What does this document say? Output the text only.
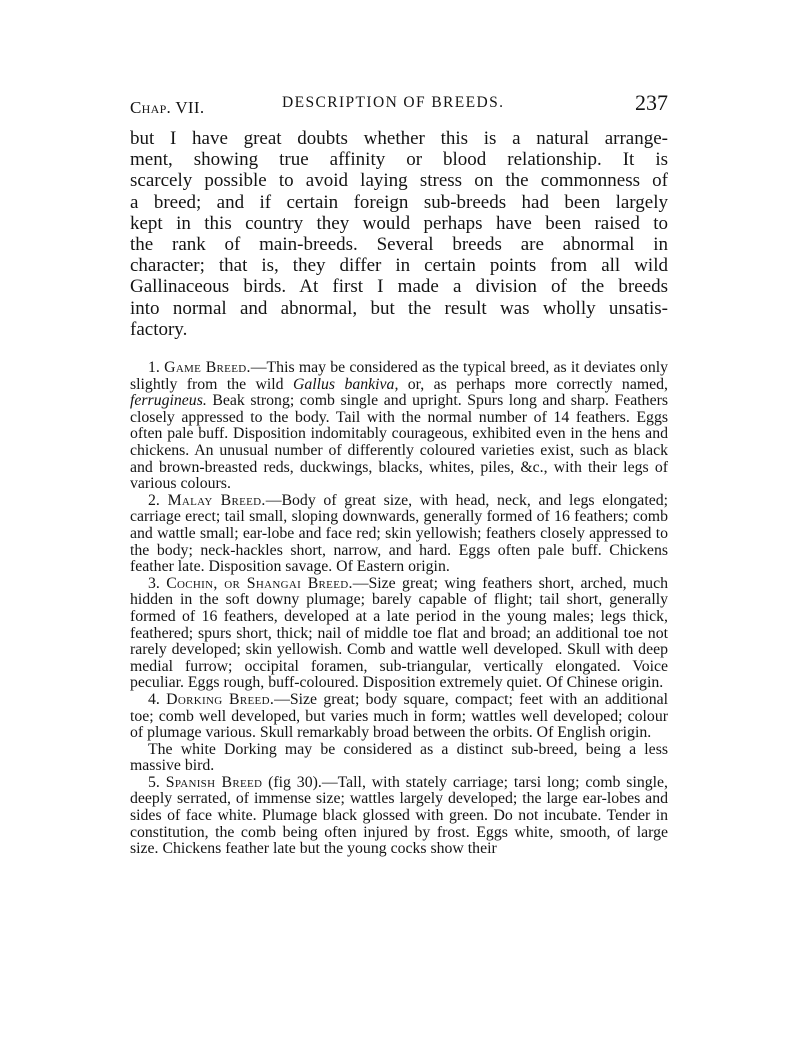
Chap. VII.	DESCRIPTION OF BREEDS.	237
but I have great doubts whether this is a natural arrange-
ment, showing true affinity or blood relationship. It is
scarcely possible to avoid laying stress on the commonness of
a breed; and if certain foreign sub-breeds had been largely
kept in this country they would perhaps have been raised to
the rank of main-breeds. Several breeds are abnormal in
character; that is, they differ in certain points from all wild
Gallinaceous birds. At first I made a division of the breeds
into normal and abnormal, but the result was wholly unsatis-
factory.

1. Game Breed.—This may be considered as the typical breed, as it deviates only slightly from the wild Gallus bankiva, or, as perhaps more correctly named, ferrugineus. Beak strong; comb single and upright. Spurs long and sharp. Feathers closely appressed to the body. Tail with the normal number of 14 feathers. Eggs often pale buff. Disposition indomitably courageous, exhibited even in the hens and chickens. An unusual number of differently coloured varieties exist, such as black and brown-breasted reds, duckwings, blacks, whites, piles, &c., with their legs of various colours.

2. Malay Breed.—Body of great size, with head, neck, and legs elongated; carriage erect; tail small, sloping downwards, generally formed of 16 feathers; comb and wattle small; ear-lobe and face red; skin yellowish; feathers closely appressed to the body; neck-hackles short, narrow, and hard. Eggs often pale buff. Chickens feather late. Disposition savage. Of Eastern origin.

3. Cochin, or Shangai Breed.—Size great; wing feathers short, arched, much hidden in the soft downy plumage; barely capable of flight; tail short, generally formed of 16 feathers, developed at a late period in the young males; legs thick, feathered; spurs short, thick; nail of middle toe flat and broad; an additional toe not rarely developed; skin yellowish. Comb and wattle well developed. Skull with deep medial furrow; occipital foramen, sub-triangular, vertically elongated. Voice peculiar. Eggs rough, buff-coloured. Disposition extremely quiet. Of Chinese origin.

4. Dorking Breed.—Size great; body square, compact; feet with an additional toe; comb well developed, but varies much in form; wattles well developed; colour of plumage various. Skull remarkably broad between the orbits. Of English origin.

The white Dorking may be considered as a distinct sub-breed, being a less massive bird.

5. Spanish Breed (fig 30).—Tall, with stately carriage; tarsi long; comb single, deeply serrated, of immense size; wattles largely developed; the large ear-lobes and sides of face white. Plumage black glossed with green. Do not incubate. Tender in constitution, the comb being often injured by frost. Eggs white, smooth, of large size. Chickens feather late but the young cocks show their
